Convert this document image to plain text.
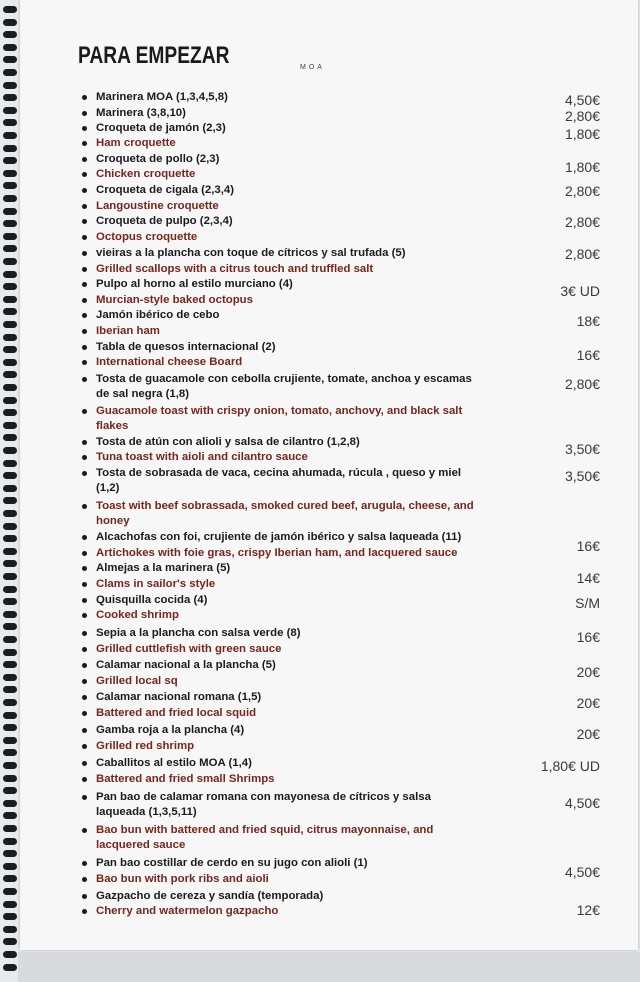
PARA EMPEZAR	MOA
Marinera MOA (1,3,4,5,8)
Marinera (3,8,10)
Croqueta de jamón (2,3)
Ham croquette
Croqueta de pollo (2,3)
Chicken croquette
Croqueta de cigala (2,3,4)
Langoustine croquette
Croqueta de pulpo (2,3,4)
Octopus croquette
vieiras a la plancha con toque de cítricos y sal trufada (5)
Grilled scallops with a citrus touch and truffled salt
Pulpo al horno al estilo murciano (4)
Murcian-style baked octopus
Jamón ibérico de cebo
Iberian ham
Tabla de quesos internacional (2)
International cheese Board
Tosta de guacamole con cebolla crujiente, tomate, anchoa y escamas
de sal negra (1,8)
Guacamole toast with crispy onion, tomato, anchovy, and black salt
flakes
Tosta de atún con alioli y salsa de cilantro (1,2,8)
Tuna toast with aioli and cilantro sauce
Tosta de sobrasada de vaca, cecina ahumada, rúcula , queso y miel
(1,2)
Toast with beef sobrassada, smoked cured beef, arugula, cheese, and
honey
Alcachofas con foi, crujiente de jamón ibérico y salsa laqueada (11)
Artichokes with foie gras, crispy Iberian ham, and lacquered sauce
Almejas a la marinera (5)
Clams in sailor's style
Quisquilla cocida (4)
Cooked shrimp
Sepia a la plancha con salsa verde (8)
Grilled cuttlefish with green sauce
Calamar nacional a la plancha (5)
Grilled local sq
Calamar nacional romana (1,5)
Battered and fried local squid
Gamba roja a la plancha (4)
Grilled red shrimp
Caballitos al estilo MOA (1,4)
Battered and fried small Shrimps
Pan bao de calamar romana con mayonesa de cítricos y salsa
laqueada (1,3,5,11)
Bao bun with battered and fried squid, citrus mayonnaise, and
lacquered sauce
Pan bao costillar de cerdo en su jugo con alioli (1)
Bao bun with pork ribs and aioli
Gazpacho de cereza y sandía (temporada)
Cherry and watermelon gazpacho
4,50€
2,80€
1,80€
1,80€
2,80€
2,80€
2,80€
3€ UD
18€
16€
2,80€
3,50€
3,50€
16€
14€
S/M
16€
20€
20€
20€
1,80€ UD
4,50€
4,50€
12€
